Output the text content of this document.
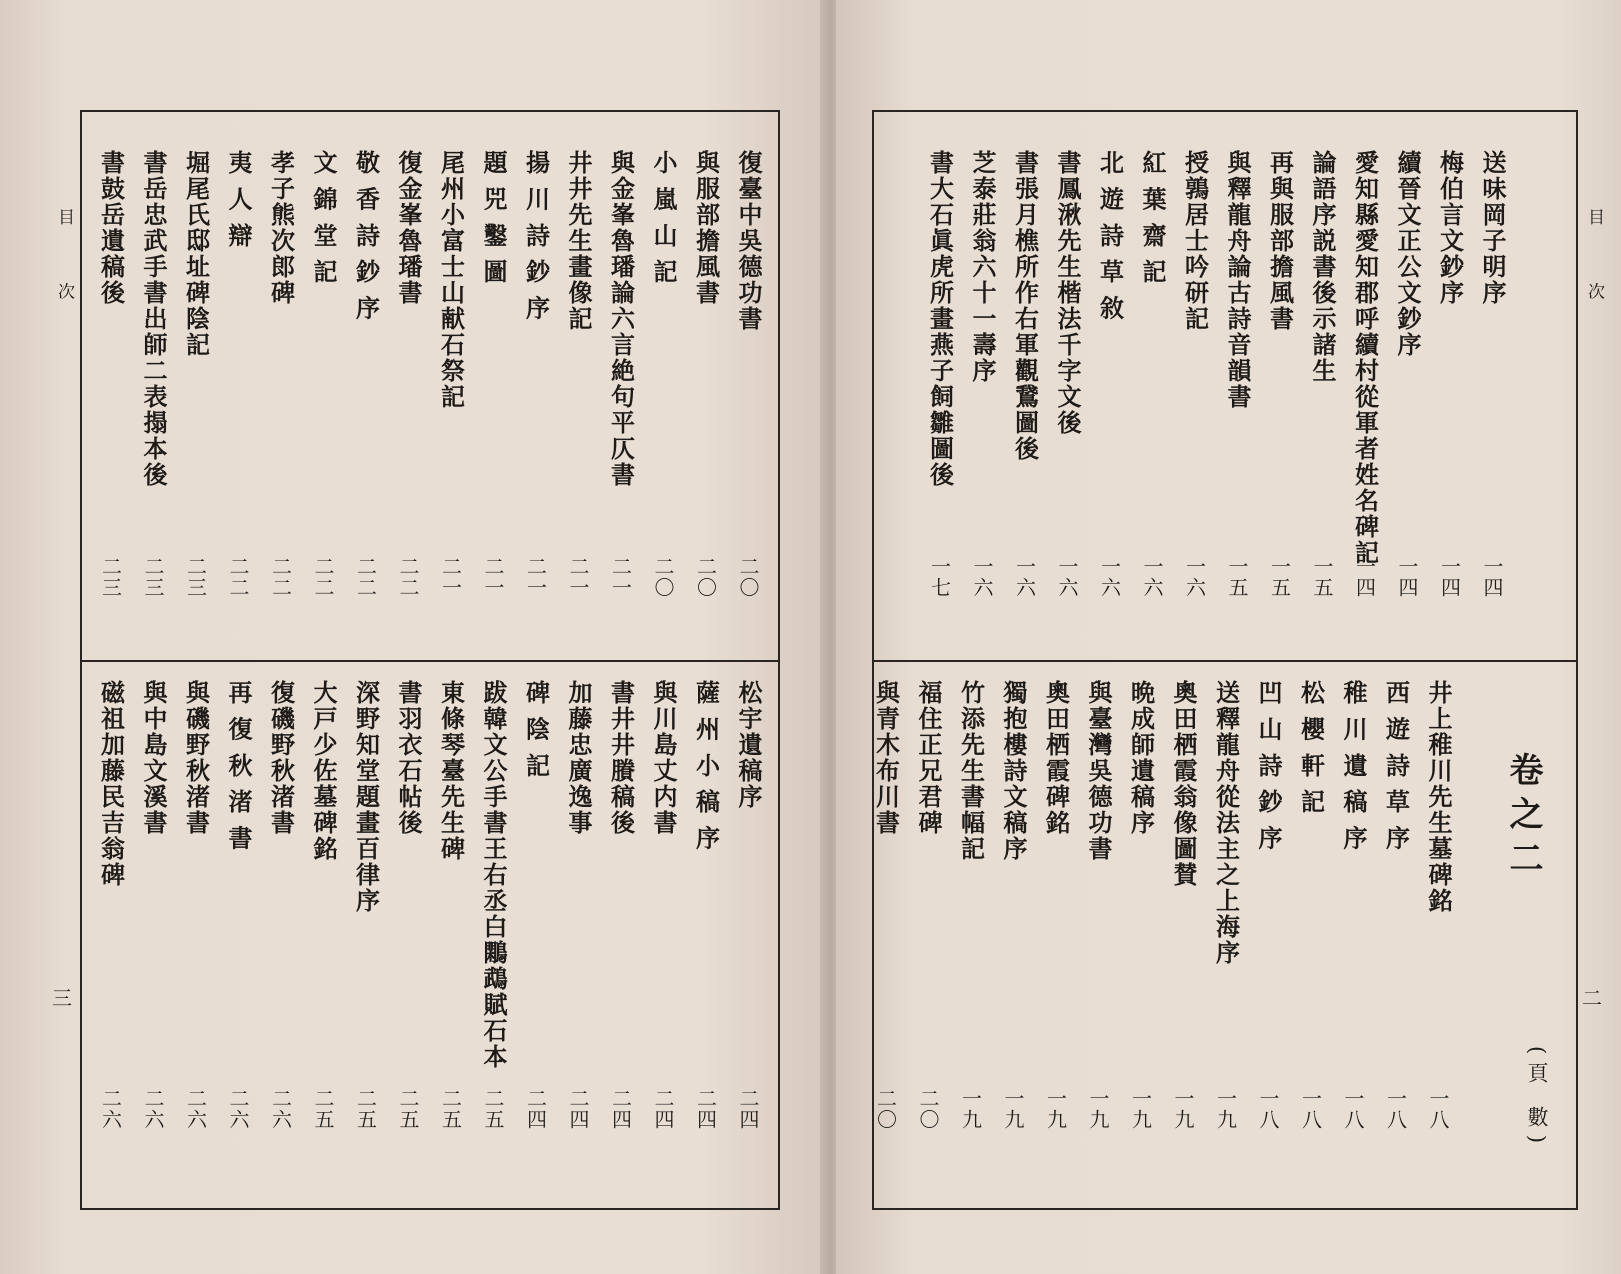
目 次
三
復臺中吳德功書
二〇
與服部擔風書
二〇
小 嵐 山 記
二〇
與金峯魯璠論六言絶句平仄書
二一
井井先生畫像記
二一
揚 川 詩 鈔 序
二一
題 兕 鑿 圖
二一
尾州小富士山献石祭記
二一
復金峯魯璠書
二二
敬 香 詩 鈔 序
二二
文 錦 堂 記
二二
孝子熊次郎碑
二二
夷 人 辯
二二
堀尾氏邸址碑陰記
二三
書岳忠武手書出師二表搨本後
二三
書鼓岳遺稿後
二三
松宇遺稿序
二四
薩 州 小 稿 序
二四
與川島丈内書
二四
書井井賸稿後
二四
加藤忠廣逸事
二四
碑 陰 記
二四
跋韓文公手書王右丞白鷴鵡賦石本
二五
東條琴臺先生碑
二五
書羽衣石帖後
二五
深野知堂題畫百律序
二五
大戸少佐墓碑銘
二五
復磯野秋渚書
二六
再 復 秋 渚 書
二六
與磯野秋渚書
二六
與中島文溪書
二六
磁祖加藤民吉翁碑
二六
目 次
二
送味岡子明序
一四
梅伯言文鈔序
一四
續晉文正公文鈔序
一四
愛知縣愛知郡呼續村從軍者姓名碑記
一四
論語序説書後示諸生
一五
再與服部擔風書
一五
與釋龍舟論古詩音韻書
一五
授鶉居士吟研記
一六
紅 葉 齋 記
一六
北 遊 詩 草 敘
一六
書鳳湫先生楷法千字文後
一六
書張月樵所作右軍觀鵞圖後
一六
芝泰莊翁六十一壽序
一六
書大石眞虎所畫燕子飼雛圖後
一七
卷之二
井上稚川先生墓碑銘
一八
西 遊 詩 草 序
一八
稚 川 遺 稿 序
一八
松 櫻 軒 記
一八
凹 山 詩 鈔 序
一八
送釋龍舟從法主之上海序
一九
奧田栖霞翁像圖賛
一九
晩成師遺稿序
一九
與臺灣吳德功書
一九
奧田栖霞碑銘
一九
獨抱樓詩文稿序
一九
竹添先生書幅記
一九
福住正兄君碑
二〇
與青木布川書
二〇	(頁 數)
